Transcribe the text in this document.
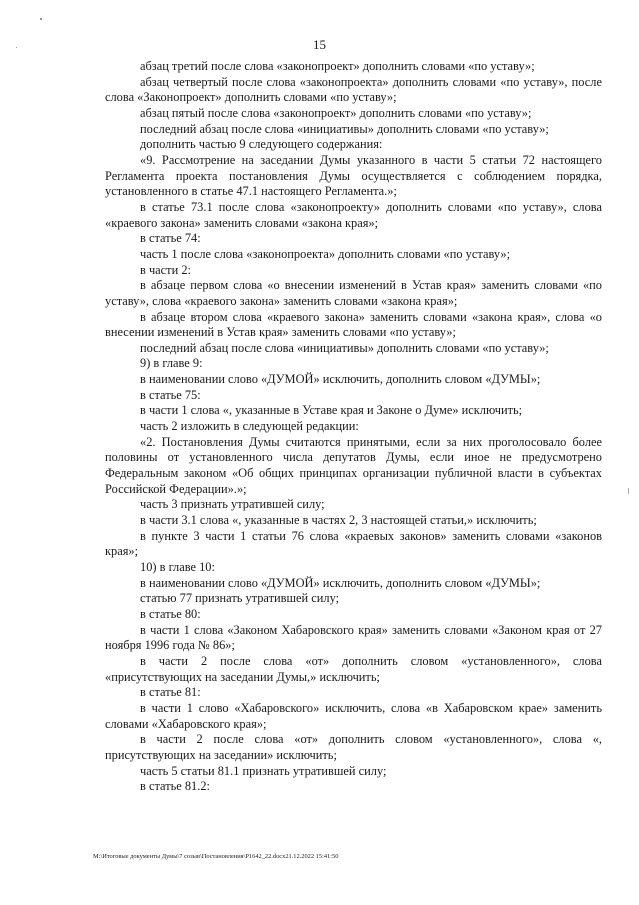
15

абзац третий после слова «законопроект» дополнить словами «по уставу»;

абзац четвертый после слова «законопроекта» дополнить словами «по уставу», после слова «Законопроект» дополнить словами «по уставу»;

абзац пятый после слова «законопроект» дополнить словами «по уставу»;

последний абзац после слова «инициативы» дополнить словами «по уставу»;

дополнить частью 9 следующего содержания:

«9. Рассмотрение на заседании Думы указанного в части 5 статьи 72 настоящего Регламента проекта постановления Думы осуществляется с соблюдением порядка, установленного в статье 47.1 настоящего Регламента.»;

в статье 73.1 после слова «законопроекту» дополнить словами «по уставу», слова «краевого закона» заменить словами «закона края»;

в статье 74:

часть 1 после слова «законопроекта» дополнить словами «по уставу»;

в части 2:

в абзаце первом слова «о внесении изменений в Устав края» заменить словами «по уставу», слова «краевого закона» заменить словами «закона края»;

в абзаце втором слова «краевого закона» заменить словами «закона края», слова «о внесении изменений в Устав края» заменить словами «по уставу»;

последний абзац после слова «инициативы» дополнить словами «по уставу»;

9) в главе 9:

в наименовании слово «ДУМОЙ» исключить, дополнить словом «ДУМЫ»;

в статье 75:

в части 1 слова «, указанные в Уставе края и Законе о Думе» исключить;

часть 2 изложить в следующей редакции:

«2. Постановления Думы считаются принятыми, если за них проголосовало более половины от установленного числа депутатов Думы, если иное не предусмотрено Федеральным законом «Об общих принципах организации публичной власти в субъектах Российской Федерации».»;

часть 3 признать утратившей силу;

в части 3.1 слова «, указанные в частях 2, 3 настоящей статьи,» исключить;

в пункте 3 части 1 статьи 76 слова «краевых законов» заменить словами «законов края»;

10) в главе 10:

в наименовании слово «ДУМОЙ» исключить, дополнить словом «ДУМЫ»;

статью 77 признать утратившей силу;

в статье 80:

в части 1 слова «Законом Хабаровского края» заменить словами «Законом края от 27 ноября 1996 года № 86»;

в части 2 после слова «от» дополнить словом «установленного», слова «присутствующих на заседании Думы,» исключить;

в статье 81:

в части 1 слово «Хабаровского» исключить, слова «в Хабаровском крае» заменить словами «Хабаровского края»;

в части 2 после слова «от» дополнить словом «установленного», слова «, присутствующих на заседании» исключить;

часть 5 статьи 81.1 признать утратившей силу;

в статье 81.2:

М:\Итоговые документы Думы\7 созыв\Постановления\Р1642_22.docx21.12.2022 15:41:50
